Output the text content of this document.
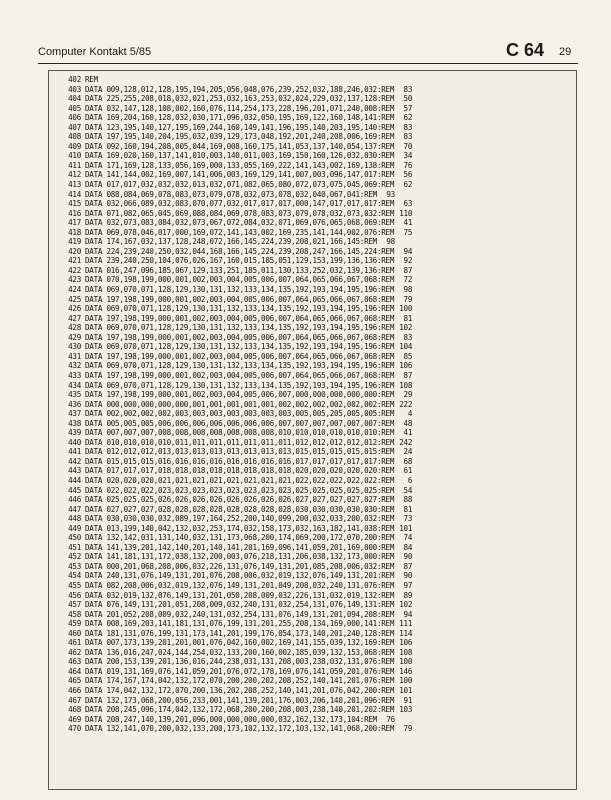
Computer Kontakt 5/85	C 64 29
402 REM
403 DATA 009,128,012,128,195,194,205,056,048,076,239,252,032,188,246,032:REM 83
404 DATA 225,255,208,018,032,021,253,032,163,253,032,024,229,032,137,128:REM 50
405 DATA 032,147,128,108,002,160,076,114,254,173,228,196,201,071,240,008:REM 57
406 DATA 169,204,160,128,032,030,171,096,032,050,195,169,122,160,148,141:REM 62
407 DATA 123,195,140,127,195,169,244,160,149,141,196,195,140,203,195,140:REM 83
408 DATA 197,195,140,204,195,032,039,129,173,048,192,201,240,208,006,169:REM 83
409 DATA 092,160,194,208,005,044,169,008,160,175,141,053,137,140,054,137:REM 70
410 DATA 169,020,160,137,141,010,003,140,011,003,169,150,160,126,032,030:REM 34
411 DATA 171,169,128,133,056,169,000,133,055,169,222,141,143,002,169,138:REM 76
412 DATA 141,144,002,169,007,141,006,003,169,129,141,007,003,096,147,017:REM 56
413 DATA 017,017,032,032,032,013,032,071,082,065,080,072,073,075,045,069:REM 62
414 DATA 088,084,069,078,083,073,079,078,032,073,078,032,040,067,041:REM 93
415 DATA 032,066,089,032,083,070,077,032,017,017,017,000,147,017,017,017:REM 63
416 DATA 071,082,065,045,069,088,084,069,078,083,073,079,078,032,073,032:REM 110
417 DATA 032,073,083,084,032,073,067,072,084,032,071,069,076,065,068,069:REM 41
418 DATA 069,078,046,017,000,169,072,141,143,002,169,235,141,144,002,076:REM 75
419 DATA 174,167,032,137,128,248,072,166,145,224,239,208,021,166,145:REM 98
420 DATA 224,239,240,250,032,044,168,166,145,224,239,208,247,166,145,224:REM 94
421 DATA 239,240,250,104,076,026,167,160,015,185,051,129,153,199,136,136:REM 92
422 DATA 016,247,096,185,067,129,133,251,185,011,130,133,252,032,139,136:REM 87
423 DATA 070,198,199,000,001,002,003,004,005,006,007,064,065,066,067,068:REM 72
424 DATA 069,070,071,128,129,130,131,132,133,134,135,192,193,194,195,196:REM 98
425 DATA 197,198,199,000,001,002,003,004,005,006,007,064,065,066,067,068:REM 79
426 DATA 069,070,071,128,129,130,131,132,133,134,135,192,193,194,195,196:REM 100
427 DATA 197,198,199,000,001,002,003,004,005,006,007,064,065,066,067,068:REM 81
428 DATA 069,070,071,128,129,130,131,132,133,134,135,192,193,194,195,196:REM 102
429 DATA 197,198,199,000,001,002,003,004,005,006,007,064,065,066,067,068:REM 83
430 DATA 069,070,071,128,129,130,131,132,133,134,135,192,193,194,195,196:REM 104
431 DATA 197,198,199,000,001,002,003,004,005,006,007,064,065,066,067,068:REM 85
432 DATA 069,070,071,128,129,130,131,132,133,134,135,192,193,194,195,196:REM 106
433 DATA 197,198,199,000,001,002,003,004,005,006,007,064,065,066,067,068:REM 87
434 DATA 069,070,071,128,129,130,131,132,133,134,135,192,193,194,195,196:REM 108
435 DATA 197,198,199,000,001,002,003,004,005,006,007,000,000,000,000,000:REM 29
436 DATA 000,000,000,000,000,001,001,001,001,001,002,002,002,002,002,002:REM 222
437 DATA 002,002,002,002,003,003,003,003,003,003,003,005,005,205,005,005:REM 4
438 DATA 005,005,005,006,006,006,006,006,006,006,007,007,007,007,007,007:REM 48
439 DATA 007,007,007,008,008,008,008,008,008,008,010,010,010,010,010,010:REM 41
440 DATA 010,010,010,010,011,011,011,011,011,011,011,012,012,012,012,012:REM 242
441 DATA 012,012,012,013,013,013,013,013,013,013,013,015,015,015,015,015:REM 24
442 DATA 015,015,015,016,016,016,016,016,016,016,016,017,017,017,017,017:REM 68
443 DATA 017,017,017,018,018,018,018,018,018,018,018,020,020,020,020,020:REM 61
444 DATA 020,020,020,021,021,021,021,021,021,021,021,022,022,022,022,022:REM 6
445 DATA 022,022,022,023,023,023,023,023,023,023,023,025,025,025,025,025:REM 54
446 DATA 025,025,025,026,026,026,026,026,026,026,026,027,027,027,027,027:REM 88
447 DATA 027,027,027,028,028,028,028,028,028,028,028,030,030,030,030,030:REM 81
448 DATA 030,030,030,032,089,197,164,252,200,140,099,200,032,033,200,032:REM 73
449 DATA 013,199,140,042,132,032,253,174,032,158,173,032,163,182,141,038:REM 101
450 DATA 132,142,031,131,140,032,131,173,068,200,174,069,200,172,070,200:REM 74
451 DATA 141,139,201,142,140,201,140,141,201,169,096,141,059,201,169,000:REM 84
452 DATA 141,181,131,172,038,132,200,003,076,218,131,206,038,132,173,000:REM 90
453 DATA 000,201,068,208,006,032,226,131,076,149,131,201,085,208,006,032:REM 87
454 DATA 240,131,076,149,131,201,076,208,006,032,019,132,076,149,131,201:REM 90
455 DATA 082,208,006,032,019,132,076,149,131,201,049,208,032,240,131,076:REM 97
456 DATA 032,019,132,076,149,131,201,050,208,009,032,226,131,032,019,132:REM 89
457 DATA 076,149,131,201,051,208,009,032,240,131,032,254,131,076,149,131:REM 102
458 DATA 201,052,208,009,032,240,131,032,254,131,076,149,131,201,094,208:REM 94
459 DATA 008,169,203,141,181,131,076,199,131,201,255,208,134,169,000,141:REM 111
460 DATA 181,131,076,199,131,173,141,201,199,176,054,173,140,201,240,128:REM 114
461 DATA 007,173,139,201,201,001,076,042,160,002,169,141,155,039,132,169:REM 106
462 DATA 136,016,247,024,144,254,032,133,200,160,002,185,039,132,153,068:REM 108
463 DATA 200,153,139,201,136,016,244,238,031,131,208,003,238,032,131,076:REM 100
464 DATA 019,131,169,076,141,059,201,076,072,178,169,076,141,059,201,076:REM 146
465 DATA 174,167,174,042,132,172,070,200,200,202,208,252,140,141,201,076:REM 100
466 DATA 174,042,132,172,070,200,136,202,208,252,140,141,201,076,042,200:REM 101
467 DATA 132,173,068,200,056,233,001,141,139,201,176,003,206,140,201,096:REM 91
468 DATA 208,245,096,174,042,132,172,068,200,200,208,003,238,140,201,202:REM 103
469 DATA 208,247,140,139,201,096,000,000,000,000,032,162,132,173,104:REM 76
470 DATA 132,141,070,200,032,133,200,173,102,132,172,103,132,141,068,200:REM 79
